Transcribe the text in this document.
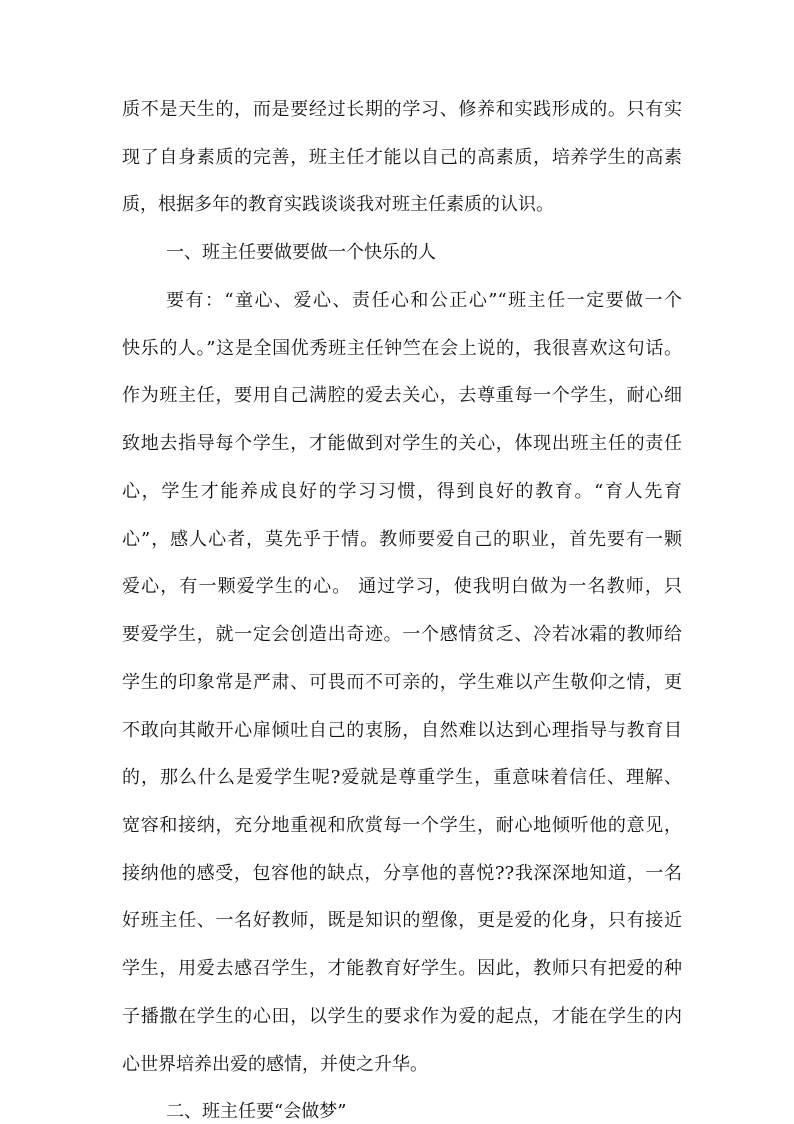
质不是天生的，而是要经过长期的学习、修养和实践形成的。只有实
现了自身素质的完善，班主任才能以自己的高素质，培养学生的高素
质，根据多年的教育实践谈谈我对班主任素质的认识。
一、班主任要做要做一个快乐的人
要有：“童心、爱心、责任心和公正心”“班主任一定要做一个
快乐的人。”这是全国优秀班主任钟竺在会上说的，我很喜欢这句话。
作为班主任，要用自己满腔的爱去关心，去尊重每一个学生，耐心细
致地去指导每个学生，才能做到对学生的关心，体现出班主任的责任
心，学生才能养成良好的学习习惯，得到良好的教育。“育人先育
心”，感人心者，莫先乎于情。教师要爱自己的职业，首先要有一颗
爱心，有一颗爱学生的心。 通过学习，使我明白做为一名教师，只
要爱学生，就一定会创造出奇迹。一个感情贫乏、冷若冰霜的教师给
学生的印象常是严肃、可畏而不可亲的，学生难以产生敬仰之情，更
不敢向其敞开心扉倾吐自己的衷肠，自然难以达到心理指导与教育目
的，那么什么是爱学生呢?爱就是尊重学生，重意味着信任、理解、
宽容和接纳，充分地重视和欣赏每一个学生，耐心地倾听他的意见，
接纳他的感受，包容他的缺点，分享他的喜悦??我深深地知道，一名
好班主任、一名好教师，既是知识的塑像，更是爱的化身，只有接近
学生，用爱去感召学生，才能教育好学生。因此，教师只有把爱的种
子播撒在学生的心田，以学生的要求作为爱的起点，才能在学生的内
心世界培养出爱的感情，并使之升华。
二、班主任要“会做梦”
